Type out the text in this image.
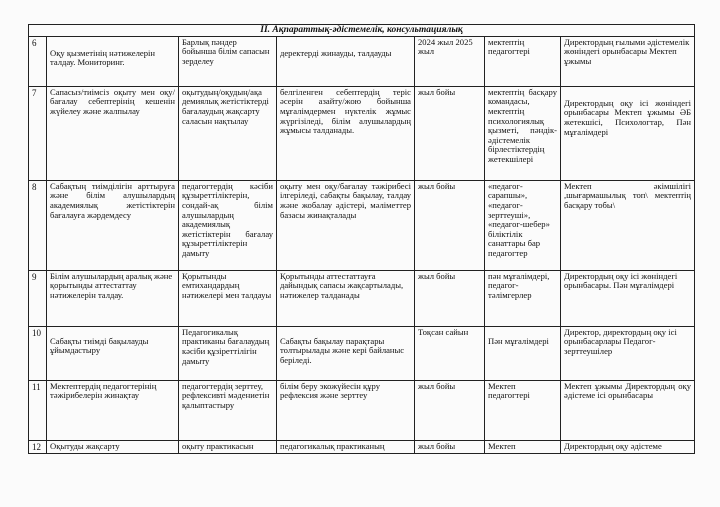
II. Ақпараттық-әдістемелік, консультациялық						
6	Оқу қызметінің нәтижелерін талдау. Мониторинг.	Барлық пәндер бойынша білім сапасын зерделеу	деректерді жинауды, талдауды	2024 жыл 2025 жыл	мектептің педагогтері	Директордың ғылыми әдістемелік жөніндегі орынбасары Мектеп ұжымы
7	Сапасыз/тиімсіз оқыту мен оқу/бағалау себептерінің кешенін жүйелеу және жалпылау	оқытудың/оқудың/ақа демиялық жетістіктерді бағалаудың жақсарту саласын нақтылау	белгіленген себептердің теріс әсерін азайту/жою бойынша мұғалімдермен нүктелік жұмыс жүргізіледі, білім алушылардың жұмысы талданады.	жыл бойы	мектептің басқару командасы, мектептің психологиялық қызметі, пәндік-әдістемелік бірлестіктердің жетекшілері	Директордың оқу ісі жөніндегі орынбасары Мектеп ұжымы ӘБ жетекшісі, Психологтар, Пән мұғалімдері
8	Сабақтың тиімділігін арттыруға және білім алушылардың академиялық жетістіктерін бағалауға жәрдемдесу	педагогтердің кәсіби құзыреттіліктерін, сондай-ақ білім алушылардың академиялық жетістіктерін бағалау құзыреттіліктерін дамыту	оқыту мен оқу/бағалау тәжірибесі ілгеріледі, сабақты бақылау, талдау және жобалау әдістері, мәліметтер базасы жинақталады	жыл бойы	«педагог-сарапшы», «педагог-зерттеуші», «педагог-шебер» біліктілік санаттары бар педагогтер	Мектеп әкімшілігі ,шығармашылық топ\ мектептің басқару тобы\
9	Білім алушылардың аралық және қорытынды аттестаттау нәтижелерін талдау.	Қорытынды емтихандардың нәтижелері мен талдауы	Қорытынды аттестаттауға дайындық сапасы жақсартылады, нәтижелер талданады	жыл бойы	пән мұғалімдері, педагог-тәлімгерлер	Директордың оқу ісі жөніндегі орынбасары. Пән мұғалімдері
10	Сабақты тиімді бақылауды ұйымдастыру	Педагогикалық практиканы бағалаудың кәсіби құзіреттілігін дамыту	Сабақты бақылау парақтары толтырылады және кері байланыс беріледі.	Тоқсан сайын	Пән мұғалімдері	Директор, директордың оқу ісі орынбасарлары Педагог-зерттеушілер
11	Мектептердің педагогтерінің тәжірибелерін жинақтау	педагогтердің зерттеу, рефлексивті мәдениетін қалыптастыру	білім беру экожүйесін құру рефлексия және зерттеу	жыл бойы	Мектеп педагогтері	Мектеп ұжымы Директордың оқу әдістеме ісі орынбасары
12	Оқытуды жақсарту	оқыту практикасын	педагогикалық практиканың	жыл бойы	Мектеп	Директордың оқу әдістеме
